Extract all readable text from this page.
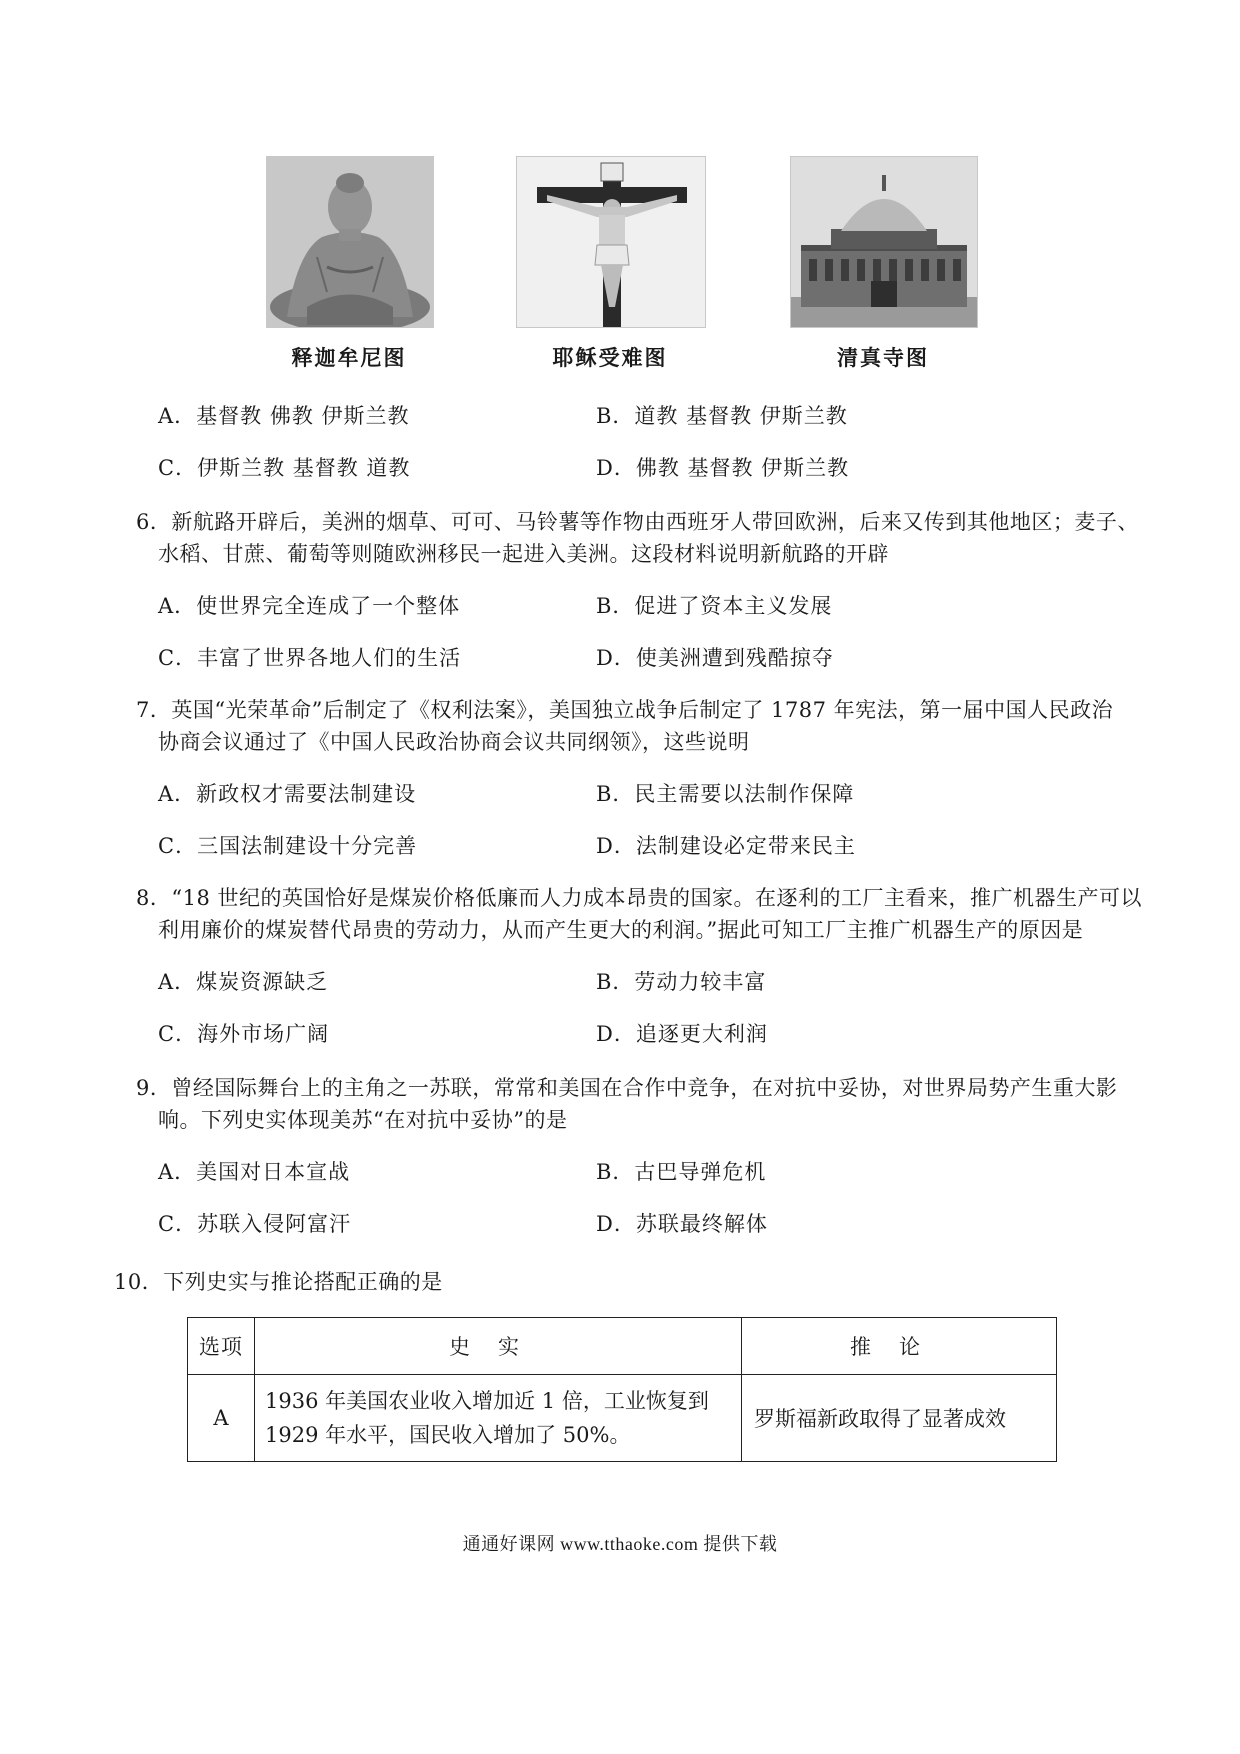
释迦牟尼图	耶稣受难图	清真寺图
A．基督教 佛教 伊斯兰教	B．道教 基督教 伊斯兰教
C．伊斯兰教 基督教 道教	D．佛教 基督教 伊斯兰教
6．新航路开辟后，美洲的烟草、可可、马铃薯等作物由西班牙人带回欧洲，后来又传到其他地区；麦子、
水稻、甘蔗、葡萄等则随欧洲移民一起进入美洲。这段材料说明新航路的开辟
A．使世界完全连成了一个整体	B．促进了资本主义发展
C．丰富了世界各地人们的生活	D．使美洲遭到残酷掠夺
7．英国“光荣革命”后制定了《权利法案》，美国独立战争后制定了 1787 年宪法，第一届中国人民政治
协商会议通过了《中国人民政治协商会议共同纲领》，这些说明
A．新政权才需要法制建设	B．民主需要以法制作保障
C．三国法制建设十分完善	D．法制建设必定带来民主
8．“18 世纪的英国恰好是煤炭价格低廉而人力成本昂贵的国家。在逐利的工厂主看来，推广机器生产可以
利用廉价的煤炭替代昂贵的劳动力，从而产生更大的利润。”据此可知工厂主推广机器生产的原因是
A．煤炭资源缺乏	B．劳动力较丰富
C．海外市场广阔	D．追逐更大利润
9．曾经国际舞台上的主角之一苏联，常常和美国在合作中竞争，在对抗中妥协，对世界局势产生重大影
响。下列史实体现美苏“在对抗中妥协”的是
A．美国对日本宣战	B．古巴导弹危机
C．苏联入侵阿富汗	D．苏联最终解体
10．下列史实与推论搭配正确的是
选项	史实	推论
A	1936 年美国农业收入增加近 1 倍，工业恢复到
1929 年水平，国民收入增加了 50%。	罗斯福新政取得了显著成效
通通好课网 www.tthaoke.com 提供下载
